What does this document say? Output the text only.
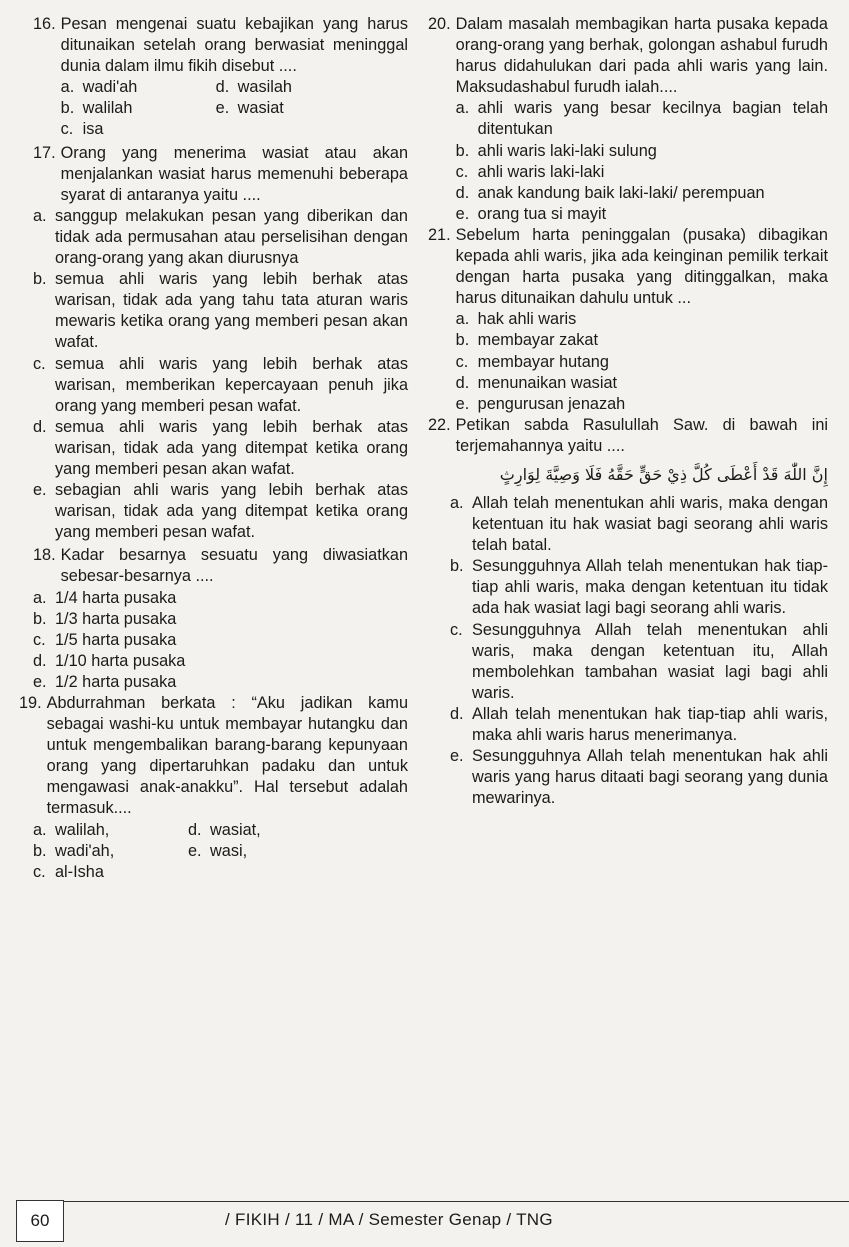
16. Pesan mengenai suatu kebajikan yang harus ditunaikan setelah orang berwasiat meninggal dunia dalam ilmu fikih disebut ....
a. wadi'ah	d. wasilah
b. walilah	e. wasiat
c. isa
17. Orang yang menerima wasiat atau akan menjalankan wasiat harus memenuhi beberapa syarat di antaranya yaitu ....
a. sanggup melakukan pesan yang diberikan dan tidak ada permusahan atau perselisihan dengan orang-orang yang akan diurusnya
b. semua ahli waris yang lebih berhak atas warisan, tidak ada yang tahu tata aturan waris mewaris ketika orang yang memberi pesan akan wafat.
c. semua ahli waris yang lebih berhak atas warisan, memberikan kepercayaan penuh jika orang yang memberi pesan wafat.
d. semua ahli waris yang lebih berhak atas warisan, tidak ada yang ditempat ketika orang yang memberi pesan akan wafat.
e. sebagian ahli waris yang lebih berhak atas warisan, tidak ada yang ditempat ketika orang yang memberi pesan wafat.
18. Kadar besarnya sesuatu yang diwasiatkan sebesar-besarnya ....
a. 1/4 harta pusaka
b. 1/3 harta pusaka
c. 1/5 harta pusaka
d. 1/10 harta pusaka
e. 1/2 harta pusaka
19. Abdurrahman berkata : “Aku jadikan kamu sebagai washi-ku untuk membayar hutangku dan untuk mengembalikan barang-barang kepunyaan orang yang dipertaruhkan padaku dan untuk mengawasi anak-anakku”. Hal tersebut adalah termasuk....
a. walilah,	d. wasiat,
b. wadi'ah,	e. wasi,
c. al-Isha
20. Dalam masalah membagikan harta pusaka kepada orang-orang yang berhak, golongan ashabul furudh harus didahulukan dari pada ahli waris yang lain. Maksudashabul furudh ialah....
a. ahli waris yang besar kecilnya bagian telah ditentukan
b. ahli waris laki-laki sulung
c. ahli waris laki-laki
d. anak kandung baik laki-laki/ perempuan
e. orang tua si mayit
21. Sebelum harta peninggalan (pusaka) dibagikan kepada ahli waris, jika ada keinginan pemilik terkait dengan harta pusaka yang ditinggalkan, maka harus ditunaikan dahulu untuk ...
a. hak ahli waris
b. membayar zakat
c. membayar hutang
d. menunaikan wasiat
e. pengurusan jenazah
22. Petikan sabda Rasulullah Saw. di bawah ini terjemahannya yaitu ....
إِنَّ اللّٰهَ قَدْ أَعْطَى كُلَّ ذِيْ حَقٍّ حَقَّهُ فَلَا وَصِيَّةَ لِوَارِثٍ
a. Allah telah menentukan ahli waris, maka dengan ketentuan itu hak wasiat bagi seorang ahli waris telah batal.
b. Sesungguhnya Allah telah menentukan hak tiap-tiap ahli waris, maka dengan ketentuan itu tidak ada hak wasiat lagi bagi seorang ahli waris.
c. Sesungguhnya Allah telah menentukan ahli waris, maka dengan ketentuan itu, Allah membolehkan tambahan wasiat lagi bagi ahli waris.
d. Allah telah menentukan hak tiap-tiap ahli waris, maka ahli waris harus menerimanya.
e. Sesungguhnya Allah telah menentukan hak ahli waris yang harus ditaati bagi seorang yang dunia mewarinya.
60	/ FIKIH / 11 / MA / Semester Genap / TNG
